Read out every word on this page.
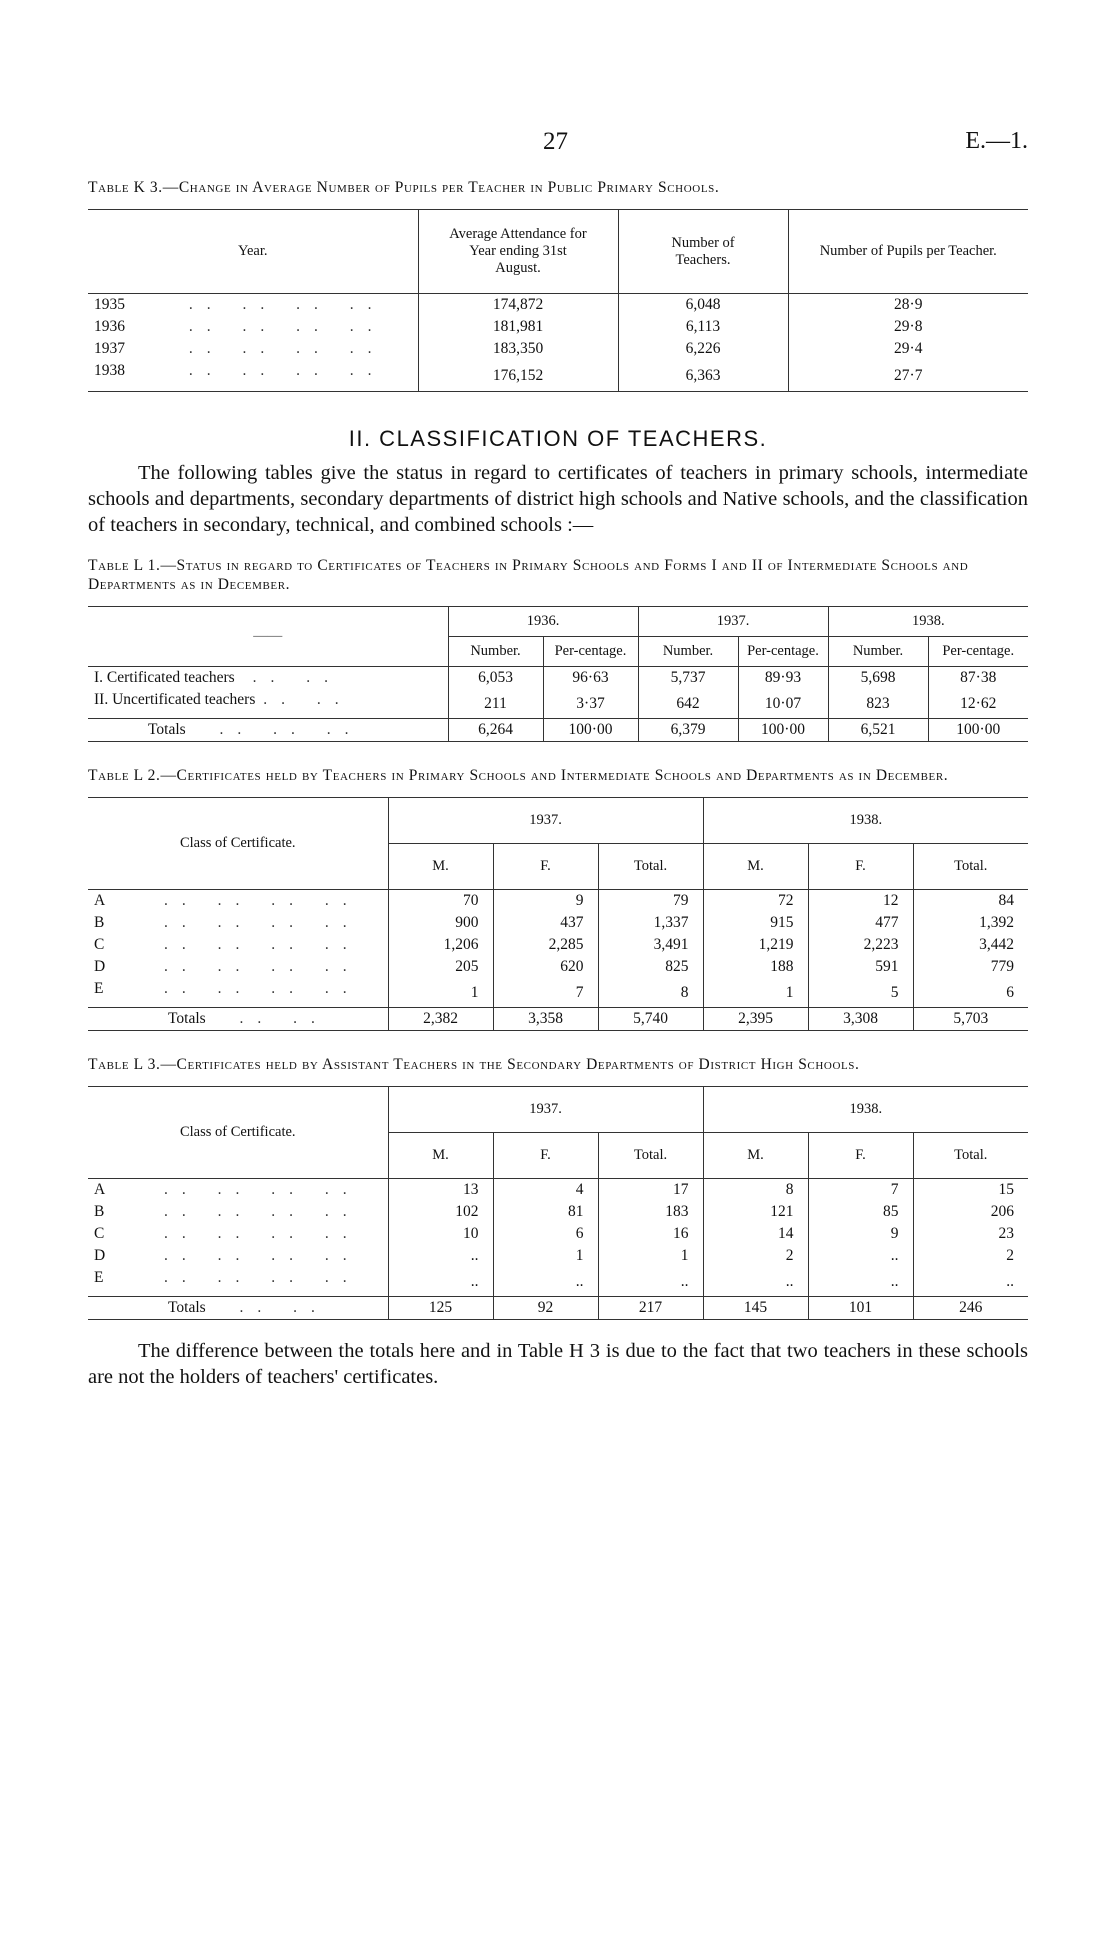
27	E.—1.
Table K 3.—Change in Average Number of Pupils per Teacher in Public Primary Schools.
Year.	Average Attendance for Year ending 31st August.	Number of Teachers.	Number of Pupils per Teacher.
1935 .. .. .. ..	174,872	6,048	28·9
1936 .. .. .. ..	181,981	6,113	29·8
1937 .. .. .. ..	183,350	6,226	29·4
1938 .. .. .. ..	176,152	6,363	27·7
II. CLASSIFICATION OF TEACHERS.

The following tables give the status in regard to certificates of teachers in primary schools, intermediate schools and departments, secondary departments of district high schools and Native schools, and the classification of teachers in secondary, technical, and combined schools :—

Table L 1.—Status in regard to Certificates of Teachers in Primary Schools and Forms I and II of Intermediate Schools and Departments as in December.
——	1936.		1937.		1938.	
	Number.	Per-centage.	Number.	Per-centage.	Number.	Per-centage.
I. Certificated teachers .. ..	6,053	96·63	5,737	89·93	5,698	87·38
II. Uncertificated teachers .. ..	211	3·37	642	10·07	823	12·62
Totals .. .. ..	6,264	100·00	6,379	100·00	6,521	100·00
Table L 2.—Certificates held by Teachers in Primary Schools and Intermediate Schools and Departments as in December.
Class of Certificate.	1937.			1938.		
	M.	F.	Total.	M.	F.	Total.
A .. .. .. ..	70	9	79	72	12	84
B .. .. .. ..	900	437	1,337	915	477	1,392
C .. .. .. ..	1,206	2,285	3,491	1,219	2,223	3,442
D .. .. .. ..	205	620	825	188	591	779
E .. .. .. ..	1	7	8	1	5	6
Totals .. ..	2,382	3,358	5,740	2,395	3,308	5,703
Table L 3.—Certificates held by Assistant Teachers in the Secondary Departments of District High Schools.
Class of Certificate.	1937.			1938.		
	M.	F.	Total.	M.	F.	Total.
A .. .. .. ..	13	4	17	8	7	15
B .. .. .. ..	102	81	183	121	85	206
C .. .. .. ..	10	6	16	14	9	23
D .. .. .. ..	..	1	1	2	..	2
E .. .. .. ..	..	..	..	..	..	..
Totals .. ..	125	92	217	145	101	246

The difference between the totals here and in Table H 3 is due to the fact that two teachers in these schools are not the holders of teachers' certificates.
